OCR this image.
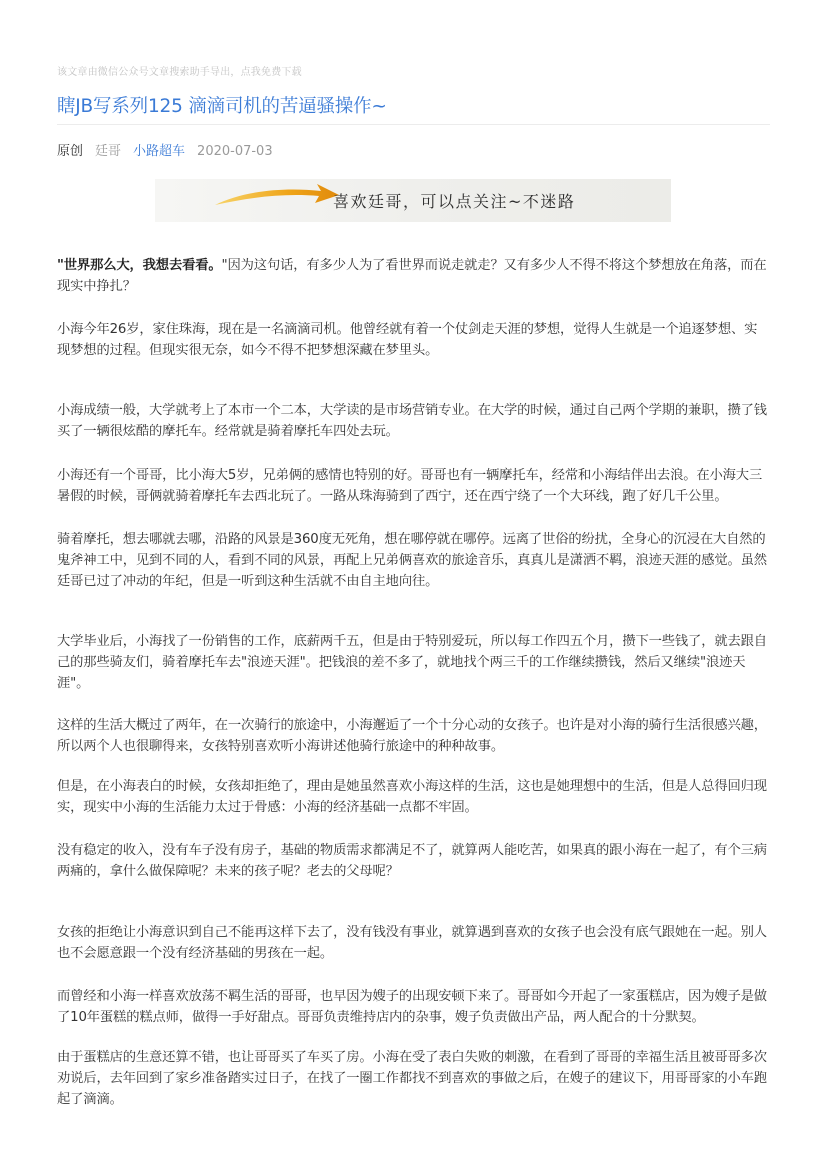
该文章由微信公众号文章搜索助手导出，点我免费下载
瞎JB写系列125 滴滴司机的苦逼骚操作~
原创 廷哥 小路超车 2020-07-03
喜欢廷哥，可以点关注~不迷路

"世界那么大，我想去看看。"因为这句话，有多少人为了看世界而说走就走？又有多少人不得不将这个梦想放在角落，而在现实中挣扎？

小海今年26岁，家住珠海，现在是一名滴滴司机。他曾经就有着一个仗剑走天涯的梦想，觉得人生就是一个追逐梦想、实现梦想的过程。但现实很无奈，如今不得不把梦想深藏在梦里头。

小海成绩一般，大学就考上了本市一个二本，大学读的是市场营销专业。在大学的时候，通过自己两个学期的兼职，攒了钱买了一辆很炫酷的摩托车。经常就是骑着摩托车四处去玩。

小海还有一个哥哥，比小海大5岁，兄弟俩的感情也特别的好。哥哥也有一辆摩托车，经常和小海结伴出去浪。在小海大三暑假的时候，哥俩就骑着摩托车去西北玩了。一路从珠海骑到了西宁，还在西宁绕了一个大环线，跑了好几千公里。

骑着摩托，想去哪就去哪，沿路的风景是360度无死角，想在哪停就在哪停。远离了世俗的纷扰，全身心的沉浸在大自然的鬼斧神工中，见到不同的人，看到不同的风景，再配上兄弟俩喜欢的旅途音乐，真真儿是潇洒不羁，浪迹天涯的感觉。虽然廷哥已过了冲动的年纪，但是一听到这种生活就不由自主地向往。

大学毕业后，小海找了一份销售的工作，底薪两千五，但是由于特别爱玩，所以每工作四五个月，攒下一些钱了，就去跟自己的那些骑友们，骑着摩托车去"浪迹天涯"。把钱浪的差不多了，就地找个两三千的工作继续攒钱，然后又继续"浪迹天涯"。

这样的生活大概过了两年，在一次骑行的旅途中，小海邂逅了一个十分心动的女孩子。也许是对小海的骑行生活很感兴趣，所以两个人也很聊得来，女孩特别喜欢听小海讲述他骑行旅途中的种种故事。

但是，在小海表白的时候，女孩却拒绝了，理由是她虽然喜欢小海这样的生活，这也是她理想中的生活，但是人总得回归现实，现实中小海的生活能力太过于骨感：小海的经济基础一点都不牢固。

没有稳定的收入，没有车子没有房子，基础的物质需求都满足不了，就算两人能吃苦，如果真的跟小海在一起了，有个三病两痛的，拿什么做保障呢？未来的孩子呢？老去的父母呢？

女孩的拒绝让小海意识到自己不能再这样下去了，没有钱没有事业，就算遇到喜欢的女孩子也会没有底气跟她在一起。别人也不会愿意跟一个没有经济基础的男孩在一起。

而曾经和小海一样喜欢放荡不羁生活的哥哥，也早因为嫂子的出现安顿下来了。哥哥如今开起了一家蛋糕店，因为嫂子是做了10年蛋糕的糕点师，做得一手好甜点。哥哥负责维持店内的杂事，嫂子负责做出产品，两人配合的十分默契。

由于蛋糕店的生意还算不错，也让哥哥买了车买了房。小海在受了表白失败的刺激，在看到了哥哥的幸福生活且被哥哥多次劝说后，去年回到了家乡准备踏实过日子，在找了一圈工作都找不到喜欢的事做之后，在嫂子的建议下，用哥哥家的小车跑起了滴滴。
